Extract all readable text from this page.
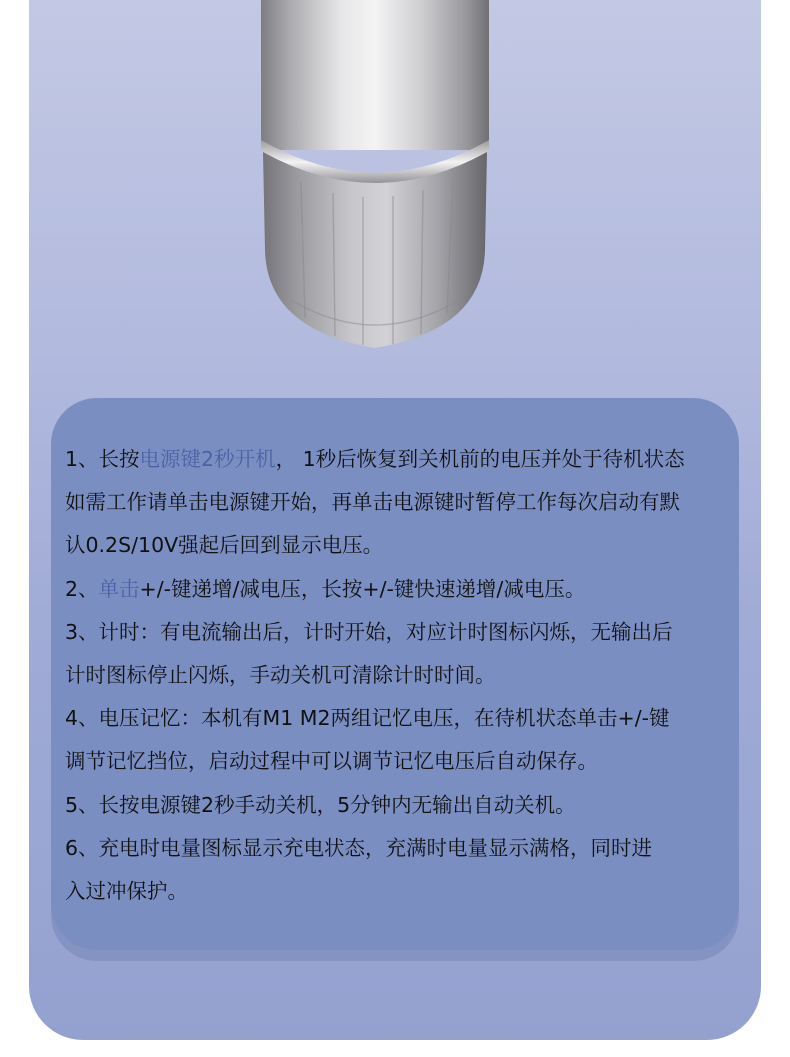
1、长按电源键2秒开机， 1秒后恢复到关机前的电压并处于待机状态
如需工作请单击电源键开始，再单击电源键时暂停工作每次启动有默
认0.2S/10V强起后回到显示电压。
2、单击+/-键递增/减电压，长按+/-键快速递增/减电压。
3、计时：有电流输出后，计时开始，对应计时图标闪烁，无输出后
计时图标停止闪烁，手动关机可清除计时时间。
4、电压记忆：本机有M1 M2两组记忆电压，在待机状态单击+/-键
调节记忆挡位，启动过程中可以调节记忆电压后自动保存。
5、长按电源键2秒手动关机，5分钟内无输出自动关机。
6、充电时电量图标显示充电状态，充满时电量显示满格，同时进
入过冲保护。
